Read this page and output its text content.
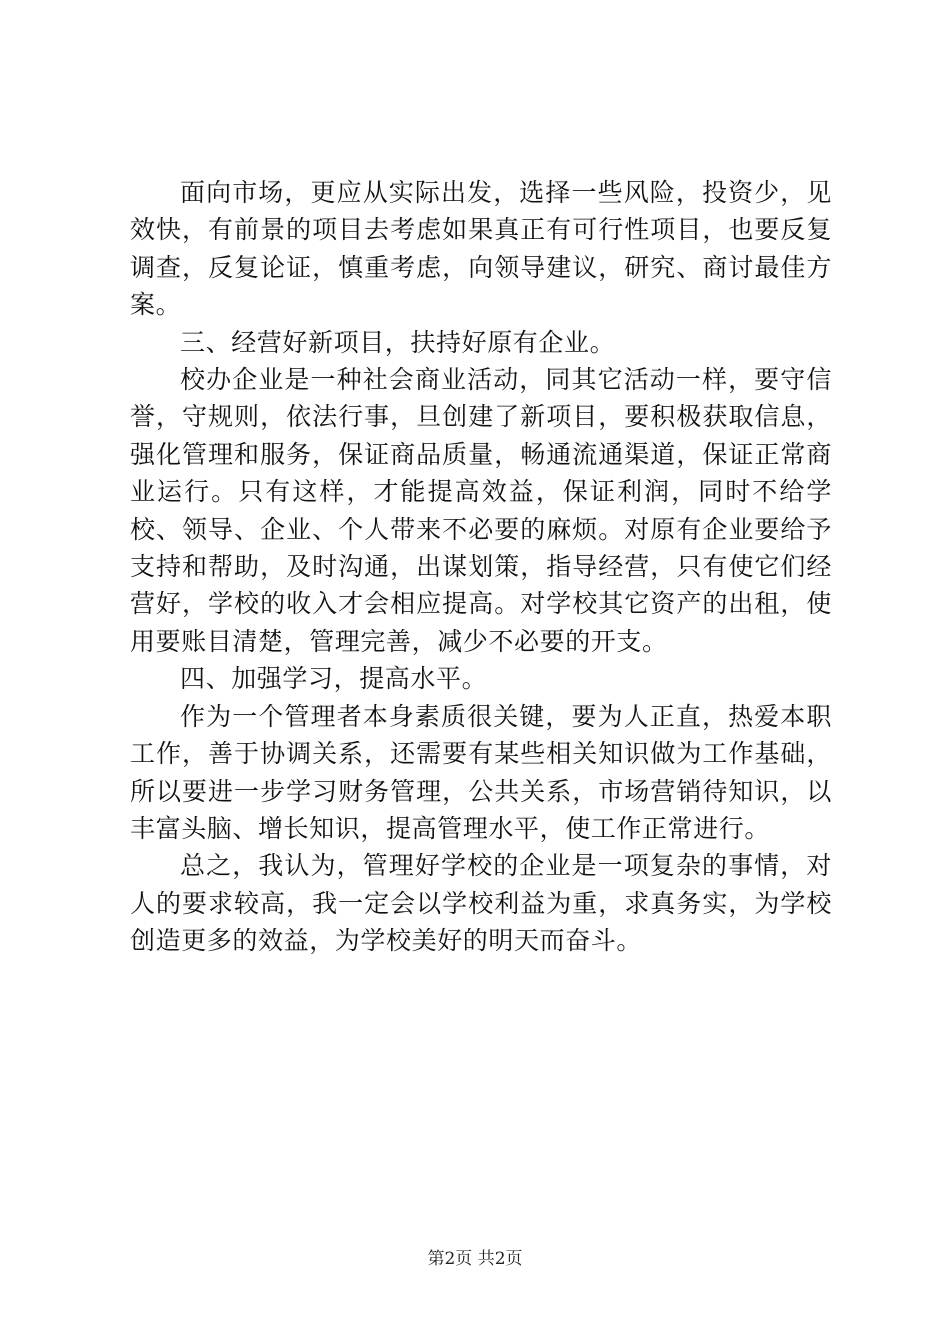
面向市场，更应从实际出发，选择一些风险，投资少，见效快，有前景的项目去考虑如果真正有可行性项目，也要反复调查，反复论证，慎重考虑，向领导建议，研究、商讨最佳方案。

三、经营好新项目，扶持好原有企业。

校办企业是一种社会商业活动，同其它活动一样，要守信誉，守规则，依法行事，旦创建了新项目，要积极获取信息，强化管理和服务，保证商品质量，畅通流通渠道，保证正常商业运行。只有这样，才能提高效益，保证利润，同时不给学校、领导、企业、个人带来不必要的麻烦。对原有企业要给予支持和帮助，及时沟通，出谋划策，指导经营，只有使它们经营好，学校的收入才会相应提高。对学校其它资产的出租，使用要账目清楚，管理完善，减少不必要的开支。

四、加强学习，提高水平。

作为一个管理者本身素质很关键，要为人正直，热爱本职工作，善于协调关系，还需要有某些相关知识做为工作基础，所以要进一步学习财务管理，公共关系，市场营销待知识，以丰富头脑、增长知识，提高管理水平，使工作正常进行。

总之，我认为，管理好学校的企业是一项复杂的事情，对人的要求较高，我一定会以学校利益为重，求真务实，为学校创造更多的效益，为学校美好的明天而奋斗。

第2页 共2页
